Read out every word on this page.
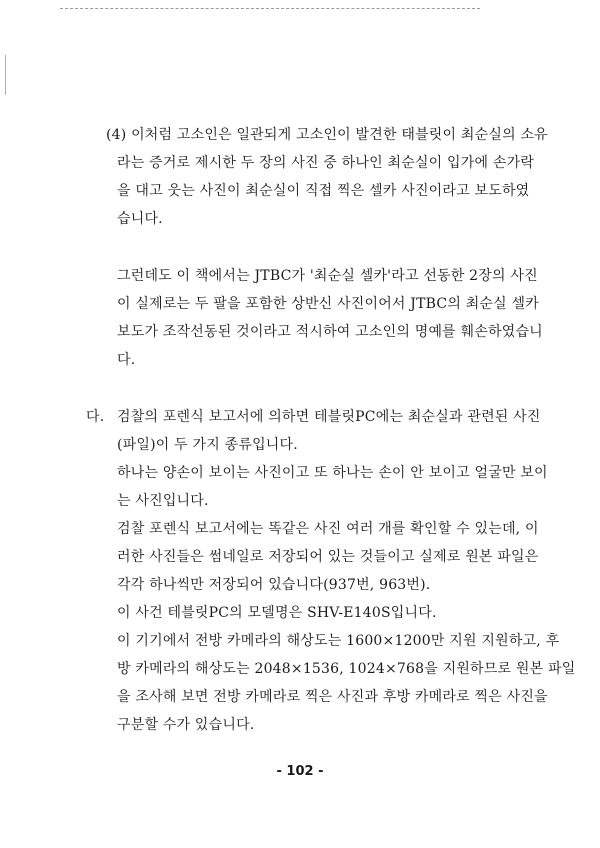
(4) 이처럼 고소인은 일관되게 고소인이 발견한 태블릿이 최순실의 소유
라는 증거로 제시한 두 장의 사진 중 하나인 최순실이 입가에 손가락
을 대고 웃는 사진이 최순실이 직접 찍은 셀카 사진이라고 보도하였
습니다.
그런데도 이 책에서는 JTBC가 '최순실 셀카'라고 선동한 2장의 사진
이 실제로는 두 팔을 포함한 상반신 사진이어서 JTBC의 최순실 셀카
보도가 조작선동된 것이라고 적시하여 고소인의 명예를 훼손하였습니
다.
다. 검찰의 포렌식 보고서에 의하면 테블릿PC에는 최순실과 관련된 사진
(파일)이 두 가지 종류입니다.
하나는 양손이 보이는 사진이고 또 하나는 손이 안 보이고 얼굴만 보이
는 사진입니다.
검찰 포렌식 보고서에는 똑같은 사진 여러 개를 확인할 수 있는데, 이
러한 사진들은 썸네일로 저장되어 있는 것들이고 실제로 원본 파일은
각각 하나씩만 저장되어 있습니다(937번, 963번).
이 사건 테블릿PC의 모델명은 SHV-E140S입니다.
이 기기에서 전방 카메라의 해상도는 1600×1200만 지원 지원하고, 후
방 카메라의 해상도는 2048×1536, 1024×768을 지원하므로 원본 파일
을 조사해 보면 전방 카메라로 찍은 사진과 후방 카메라로 찍은 사진을
구분할 수가 있습니다.
- 102 -
